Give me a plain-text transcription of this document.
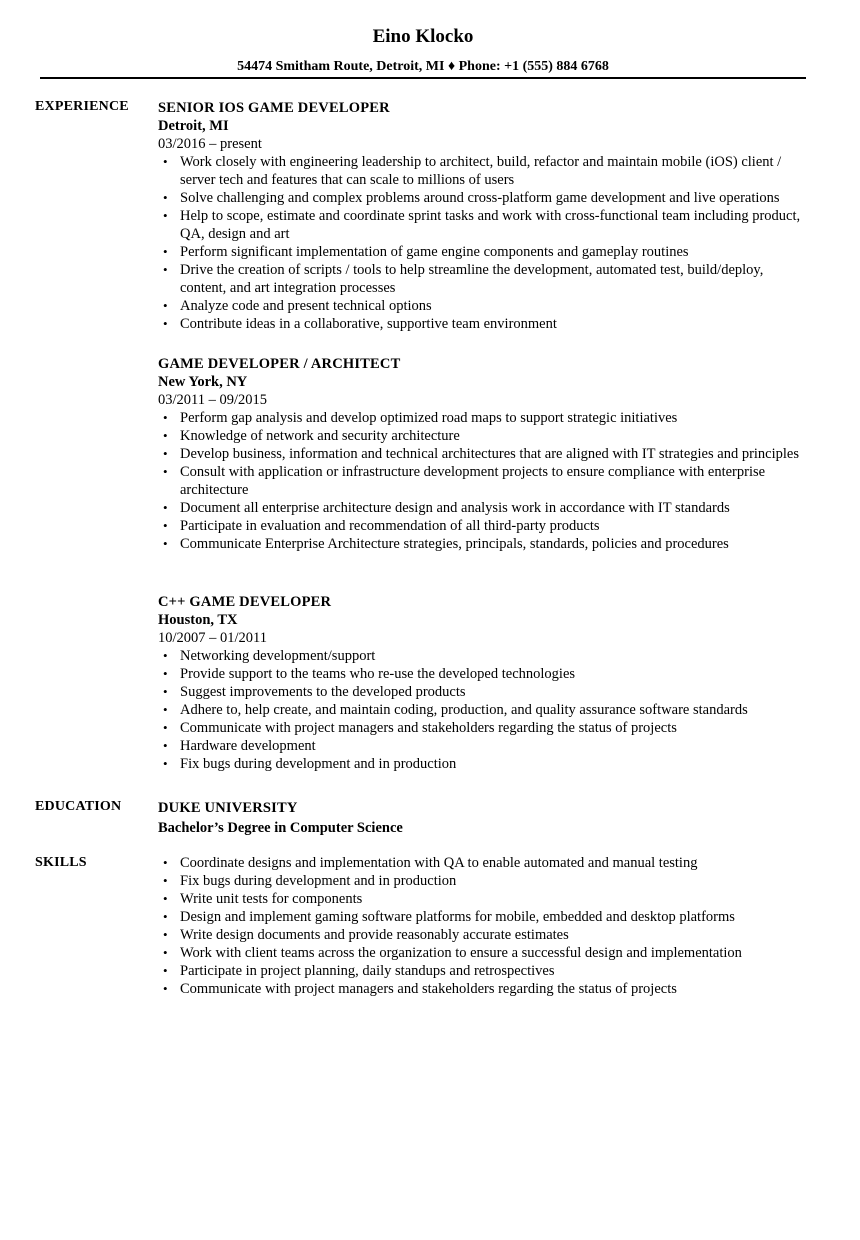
Eino Klocko
54474 Smitham Route, Detroit, MI ♦ Phone: +1 (555) 884 6768
EXPERIENCE SENIOR IOS GAME DEVELOPER
Detroit, MI
03/2016 – present
• Work closely with engineering leadership to architect, build, refactor and maintain mobile (iOS) client / server tech and features that can scale to millions of users
• Solve challenging and complex problems around cross-platform game development and live operations
• Help to scope, estimate and coordinate sprint tasks and work with cross-functional team including product, QA, design and art
• Perform significant implementation of game engine components and gameplay routines
• Drive the creation of scripts / tools to help streamline the development, automated test, build/deploy, content, and art integration processes
• Analyze code and present technical options
• Contribute ideas in a collaborative, supportive team environment
GAME DEVELOPER / ARCHITECT
New York, NY
03/2011 – 09/2015
• Perform gap analysis and develop optimized road maps to support strategic initiatives
• Knowledge of network and security architecture
• Develop business, information and technical architectures that are aligned with IT strategies and principles
• Consult with application or infrastructure development projects to ensure compliance with enterprise architecture
• Document all enterprise architecture design and analysis work in accordance with IT standards
• Participate in evaluation and recommendation of all third-party products
• Communicate Enterprise Architecture strategies, principals, standards, policies and procedures
C++ GAME DEVELOPER
Houston, TX
10/2007 – 01/2011
• Networking development/support
• Provide support to the teams who re-use the developed technologies
• Suggest improvements to the developed products
• Adhere to, help create, and maintain coding, production, and quality assurance software standards
• Communicate with project managers and stakeholders regarding the status of projects
• Hardware development
• Fix bugs during development and in production
EDUCATION	DUKE UNIVERSITY
Bachelor’s Degree in Computer Science
SKILLS	• Coordinate designs and implementation with QA to enable automated and manual testing
• Fix bugs during development and in production
• Write unit tests for components
• Design and implement gaming software platforms for mobile, embedded and desktop platforms
• Write design documents and provide reasonably accurate estimates
• Work with client teams across the organization to ensure a successful design and implementation
• Participate in project planning, daily standups and retrospectives
• Communicate with project managers and stakeholders regarding the status of projects
